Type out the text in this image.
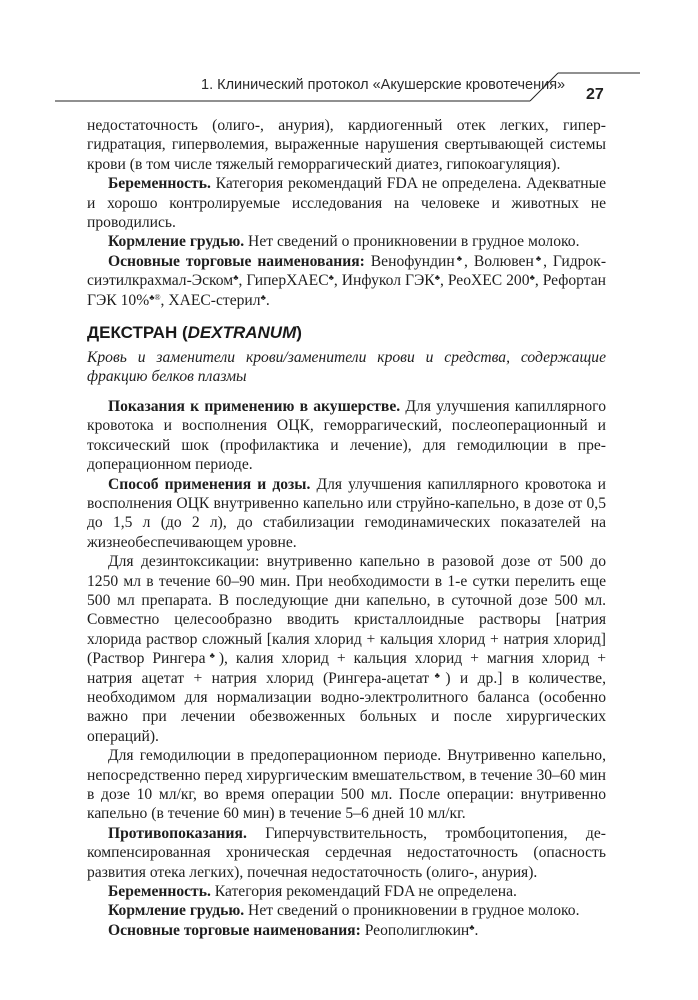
1. Клинический протокол «Акушерские кровотечения»
27

недостаточность (олиго-, анурия), кардиогенный отек легких, гипергидратация, гиперволемия, выраженные нарушения свертывающей системы крови (в том числе тяжелый геморрагический диатез, гипокоагуляция).

Беременность. Категория рекомендаций FDA не определена. Адекватные и хорошо контролируемые исследования на человеке и животных не проводились.

Кормление грудью. Нет сведений о проникновении в грудное молоко.

Основные торговые наименования: Венофундин♣, Волювен♣, Гидроксиэтилкрахмал-Эском♣, ГиперХАЕС♣, Инфукол ГЭК♣, РеоХЕС 200♣, Рефортан ГЭК 10%♣®, ХАЕС-стерил♣.

ДЕКСТРАН (DEXTRANUM)

Кровь и заменители крови/заменители крови и средства, содержащие фракцию белков плазмы

Показания к применению в акушерстве. Для улучшения капиллярного кровотока и восполнения ОЦК, геморрагический, послеоперационный и токсический шок (профилактика и лечение), для гемодилюции в предоперационном периоде.

Способ применения и дозы. Для улучшения капиллярного кровотока и восполнения ОЦК внутривенно капельно или струйно-капельно, в дозе от 0,5 до 1,5 л (до 2 л), до стабилизации гемодинамических показателей на жизнеобеспечивающем уровне.

Для дезинтоксикации: внутривенно капельно в разовой дозе от 500 до 1250 мл в течение 60–90 мин. При необходимости в 1-е сутки перелить еще 500 мл препарата. В последующие дни капельно, в суточной дозе 500 мл. Совместно целесообразно вводить кристаллоидные растворы [натрия хлорида раствор сложный [калия хлорид + кальция хлорид + натрия хлорид] (Раствор Рингера♣), калия хлорид + кальция хлорид + магния хлорид + натрия ацетат + натрия хлорид (Рингера-ацетат♣) и др.] в количестве, необходимом для нормализации водно-электролитного баланса (особенно важно при лечении обезвоженных больных и после хирургических операций).

Для гемодилюции в предоперационном периоде. Внутривенно капельно, непосредственно перед хирургическим вмешательством, в течение 30–60 мин в дозе 10 мл/кг, во время операции 500 мл. После операции: внутривенно капельно (в течение 60 мин) в течение 5–6 дней 10 мл/кг.

Противопоказания. Гиперчувствительность, тромбоцитопения, декомпенсированная хроническая сердечная недостаточность (опасность развития отека легких), почечная недостаточность (олиго-, анурия).

Беременность. Категория рекомендаций FDA не определена.

Кормление грудью. Нет сведений о проникновении в грудное молоко.

Основные торговые наименования: Реополиглюкин♣.
